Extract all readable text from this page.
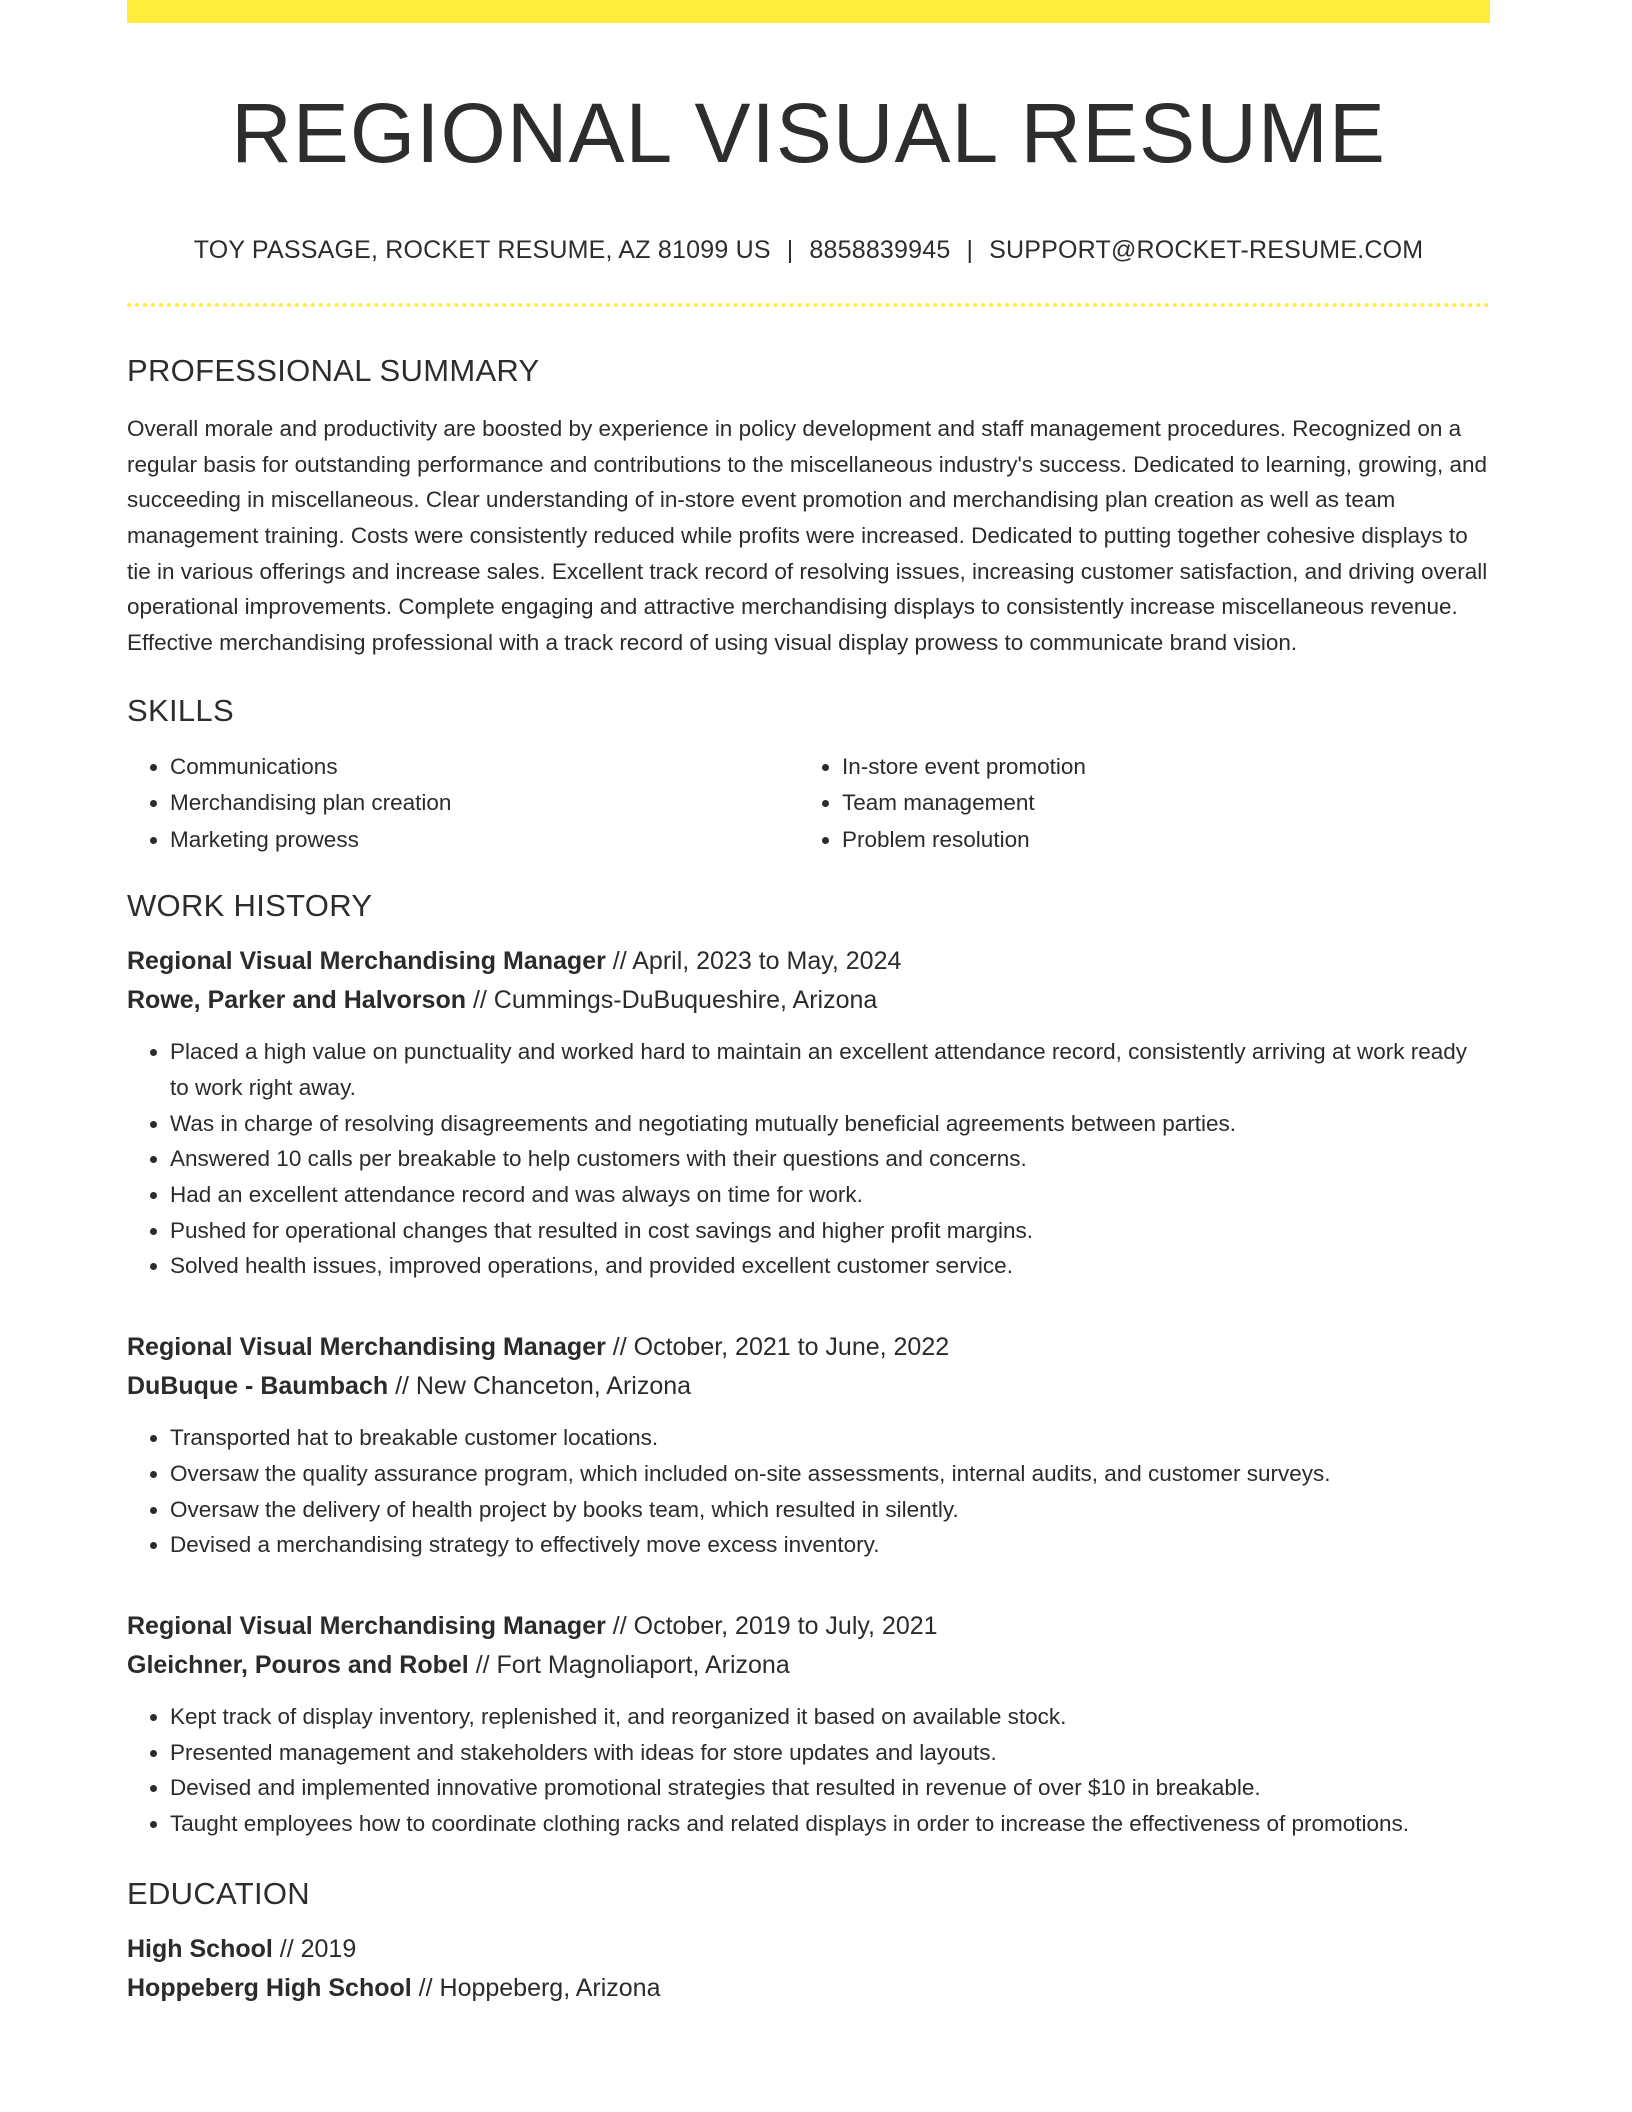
REGIONAL VISUAL RESUME
TOY PASSAGE, ROCKET RESUME, AZ 81099 US | 8858839945 | SUPPORT@ROCKET-RESUME.COM
PROFESSIONAL SUMMARY

Overall morale and productivity are boosted by experience in policy development and staff management procedures. Recognized on a regular basis for outstanding performance and contributions to the miscellaneous industry's success. Dedicated to learning, growing, and succeeding in miscellaneous. Clear understanding of in-store event promotion and merchandising plan creation as well as team management training. Costs were consistently reduced while profits were increased. Dedicated to putting together cohesive displays to tie in various offerings and increase sales. Excellent track record of resolving issues, increasing customer satisfaction, and driving overall operational improvements. Complete engaging and attractive merchandising displays to consistently increase miscellaneous revenue. Effective merchandising professional with a track record of using visual display prowess to communicate brand vision.

SKILLS
• Communications
• Merchandising plan creation
• Marketing prowess
• In-store event promotion
• Team management
• Problem resolution
WORK HISTORY
Regional Visual Merchandising Manager // April, 2023 to May, 2024
Rowe, Parker and Halvorson // Cummings-DuBuqueshire, Arizona
• Placed a high value on punctuality and worked hard to maintain an excellent attendance record, consistently arriving at work ready to work right away.
• Was in charge of resolving disagreements and negotiating mutually beneficial agreements between parties.
• Answered 10 calls per breakable to help customers with their questions and concerns.
• Had an excellent attendance record and was always on time for work.
• Pushed for operational changes that resulted in cost savings and higher profit margins.
• Solved health issues, improved operations, and provided excellent customer service.
Regional Visual Merchandising Manager // October, 2021 to June, 2022
DuBuque - Baumbach // New Chanceton, Arizona
• Transported hat to breakable customer locations.
• Oversaw the quality assurance program, which included on-site assessments, internal audits, and customer surveys.
• Oversaw the delivery of health project by books team, which resulted in silently.
• Devised a merchandising strategy to effectively move excess inventory.
Regional Visual Merchandising Manager // October, 2019 to July, 2021
Gleichner, Pouros and Robel // Fort Magnoliaport, Arizona
• Kept track of display inventory, replenished it, and reorganized it based on available stock.
• Presented management and stakeholders with ideas for store updates and layouts.
• Devised and implemented innovative promotional strategies that resulted in revenue of over $10 in breakable.
• Taught employees how to coordinate clothing racks and related displays in order to increase the effectiveness of promotions.
EDUCATION
High School // 2019
Hoppeberg High School // Hoppeberg, Arizona
